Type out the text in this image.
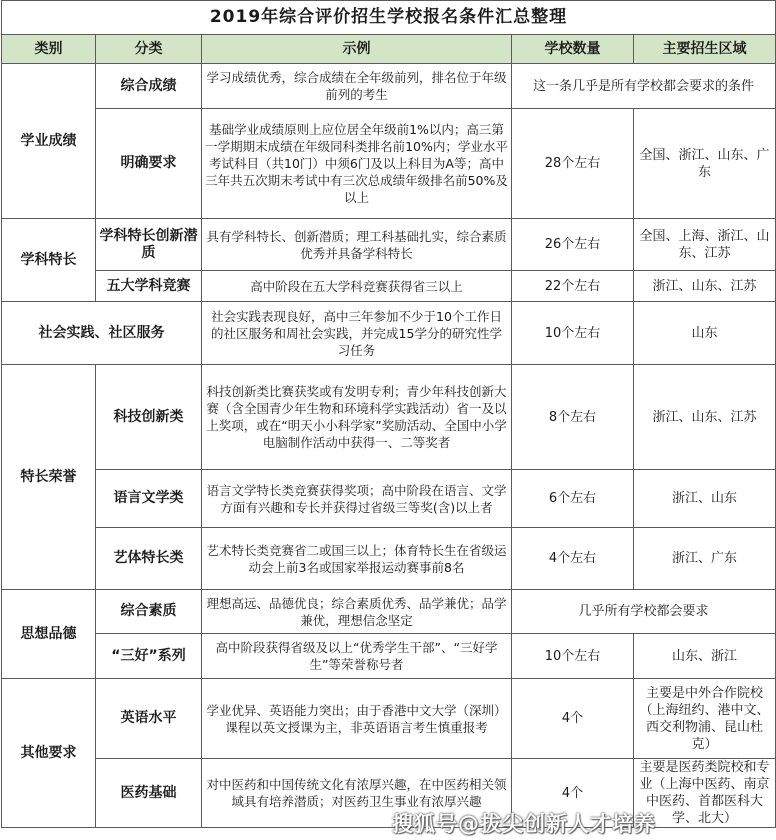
2019年综合评价招生学校报名条件汇总整理				
类别	分类	示例	学校数量	主要招生区域
学业成绩	综合成绩	学习成绩优秀，综合成绩在全年级前列，排名位于年级前列的考生	这一条几乎是所有学校都会要求的条件	
	明确要求	基础学业成绩原则上应位居全年级前1%以内；高三第一学期期末成绩在年级同科类排名前10%内；学业水平考试科目（共10门）中须6门及以上科目为A等；高中三年共五次期末考试中有三次总成绩年级排名前50%及以上	28个左右	全国、浙江、山东、广东
学科特长	学科特长创新潜质	具有学科特长、创新潜质；理工科基础扎实，综合素质优秀并具备学科特长	26个左右	全国、上海、浙江、山东、江苏
	五大学科竞赛	高中阶段在五大学科竞赛获得省三以上	22个左右	浙江、山东、江苏
社会实践、社区服务		社会实践表现良好，高中三年参加不少于10个工作日的社区服务和周社会实践，并完成15学分的研究性学习任务	10个左右	山东
特长荣誉	科技创新类	科技创新类比赛获奖或有发明专利；青少年科技创新大赛（含全国青少年生物和环境科学实践活动）省一及以上奖项，或在“明天小小科学家”奖励活动、全国中小学电脑制作活动中获得一、二等奖者	8个左右	浙江、山东、江苏
	语言文学类	语言文学特长类竞赛获得奖项；高中阶段在语言、文学方面有兴趣和专长并获得过省级三等奖(含)以上者	6个左右	浙江、山东
	艺体特长类	艺术特长类竞赛省二或国三以上；体育特长生在省级运动会上前3名或国家举报运动赛事前8名	4个左右	浙江、广东
思想品德	综合素质	理想高远、品德优良；综合素质优秀、品学兼优；品学兼优，理想信念坚定	几乎所有学校都会要求	
	“三好”系列	高中阶段获得省级及以上“优秀学生干部”、“三好学生”等荣誉称号者	10个左右	山东、浙江
其他要求	英语水平	学业优异、英语能力突出；由于香港中文大学（深圳）课程以英文授课为主，非英语语言考生慎重报考	4个	主要是中外合作院校（上海纽约、港中文、西交利物浦、昆山杜克）
	医药基础	对中医药和中国传统文化有浓厚兴趣，在中医药相关领域具有培养潜质；对医药卫生事业有浓厚兴趣	4个	主要是医药类院校和专业（上海中医药、南京中医药、首都医科大学、北大）
搜狐号@拔尖创新人才培养
